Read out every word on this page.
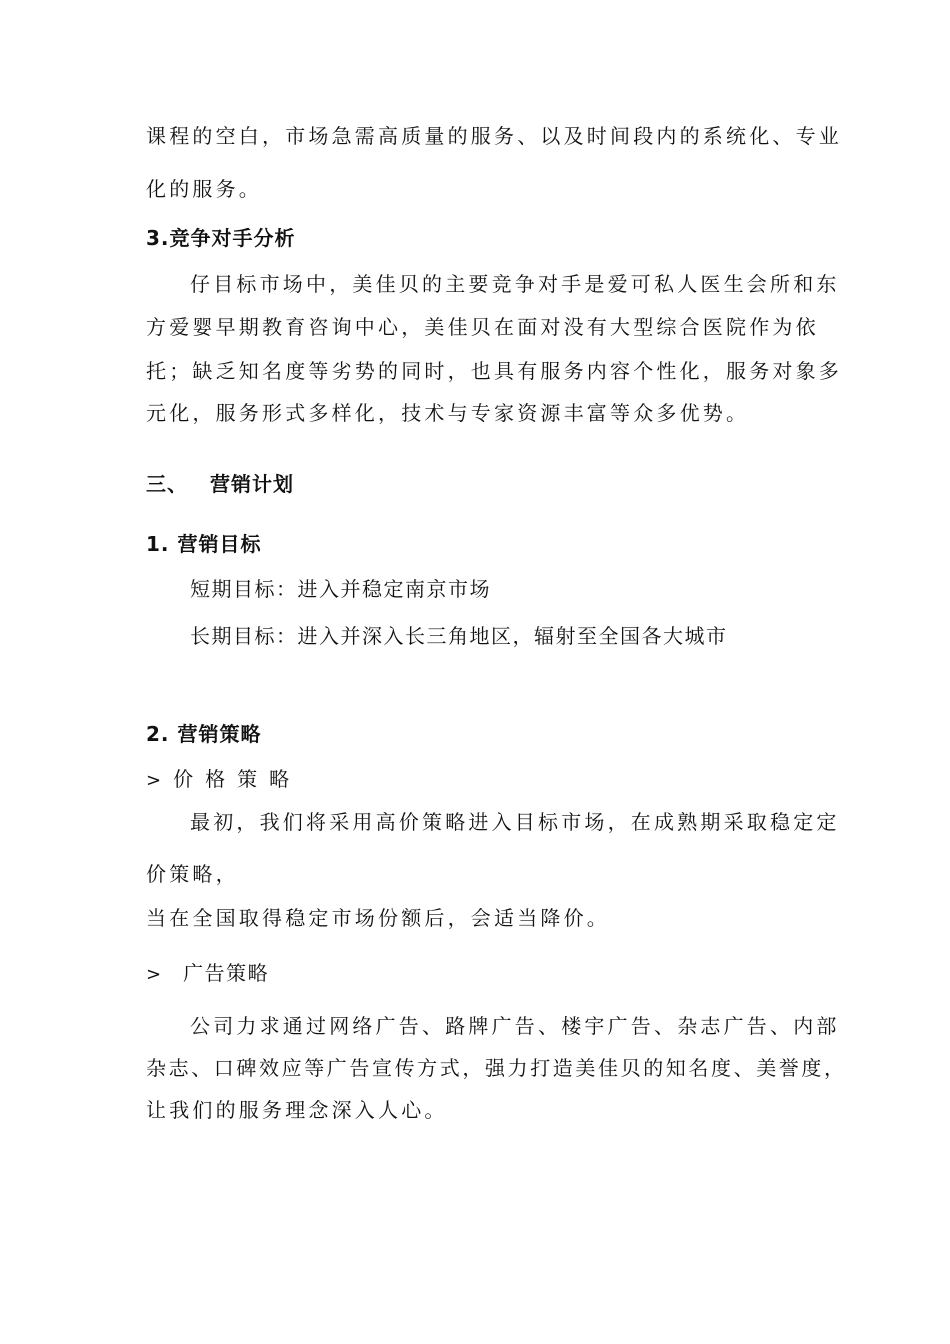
课程的空白，市场急需高质量的服务、以及时间段内的系统化、专业

化的服务。

3.竞争对手分析

仔目标市场中，美佳贝的主要竞争对手是爱可私人医生会所和东

方爱婴早期教育咨询中心，美佳贝在面对没有大型综合医院作为依

托；缺乏知名度等劣势的同时，也具有服务内容个性化，服务对象多

元化，服务形式多样化，技术与专家资源丰富等众多优势。

三、 营销计划

1. 营销目标

短期目标：进入并稳定南京市场

长期目标：进入并深入长三角地区，辐射至全国各大城市

2. 营销策略

> 价格策略

最初，我们将采用高价策略进入目标市场，在成熟期采取稳定定

价策略，

当在全国取得稳定市场份额后，会适当降价。

> 广告策略

公司力求通过网络广告、路牌广告、楼宇广告、杂志广告、内部

杂志、口碑效应等广告宣传方式，强力打造美佳贝的知名度、美誉度，

让我们的服务理念深入人心。
